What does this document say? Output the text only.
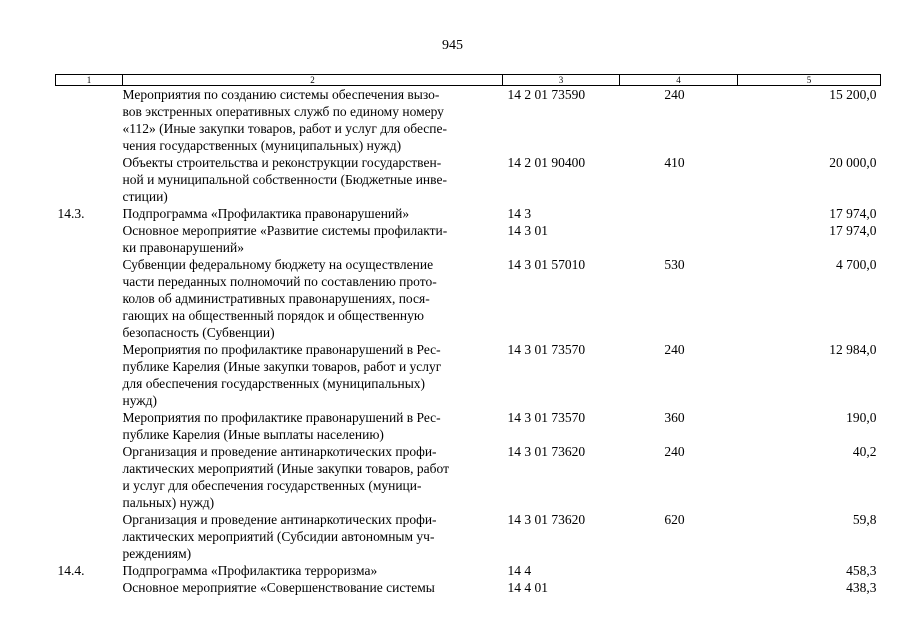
945
1	2	3	4	5

	Мероприятия по созданию системы обеспечения вызо-
вов экстренных оперативных служб по единому номеру
«112» (Иные закупки товаров, работ и услуг для обеспе-
чения государственных (муниципальных) нужд)	14 2 01 73590	240	15 200,0

	Объекты строительства и реконструкции государствен-
ной и муниципальной собственности (Бюджетные инве-
стиции)	14 2 01 90400	410	20 000,0
14.3.	Подпрограмма «Профилактика правонарушений»	14 3		17 974,0

	Основное мероприятие «Развитие системы профилакти-
ки правонарушений»	14 3 01		17 974,0

	Субвенции федеральному бюджету на осуществление
части переданных полномочий по составлению прото-
колов об административных правонарушениях, пося-
гающих на общественный порядок и общественную
безопасность (Субвенции)	14 3 01 57010	530	4 700,0

	Мероприятия по профилактике правонарушений в Рес-
публике Карелия (Иные закупки товаров, работ и услуг
для обеспечения государственных (муниципальных)
нужд)	14 3 01 73570	240	12 984,0

	Мероприятия по профилактике правонарушений в Рес-
публике Карелия (Иные выплаты населению)	14 3 01 73570	360	190,0

	Организация и проведение антинаркотических профи-
лактических мероприятий (Иные закупки товаров, работ
и услуг для обеспечения государственных (муници-
пальных) нужд)	14 3 01 73620	240	40,2

	Организация и проведение антинаркотических профи-
лактических мероприятий (Субсидии автономным уч-
реждениям)	14 3 01 73620	620	59,8
14.4.	Подпрограмма «Профилактика терроризма»	14 4		458,3

	Основное мероприятие «Совершенствование системы	14 4 01		438,3
